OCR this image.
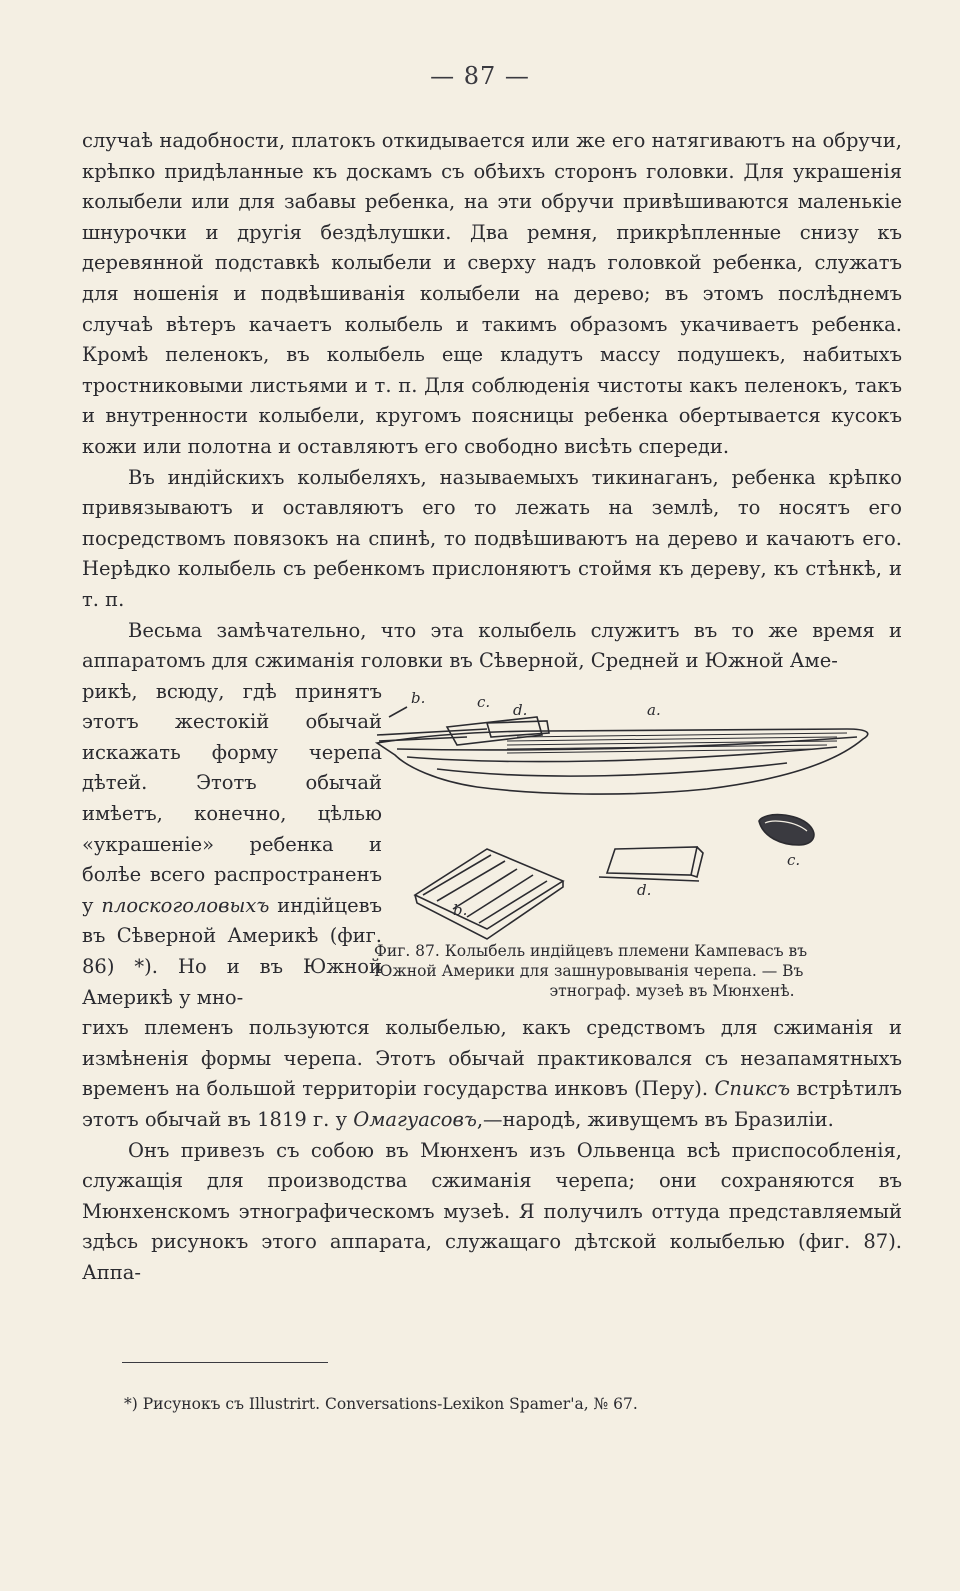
— 87 —

случаѣ надобности, платокъ откидывается или же его натягиваютъ на обручи, крѣпко придѣланные къ доскамъ съ обѣихъ сторонъ головки. Для украшенія колыбели или для забавы ребенка, на эти обручи привѣшиваются маленькіе шнурочки и другія бездѣлушки. Два ремня, прикрѣпленные снизу къ деревянной подставкѣ колыбели и сверху надъ головкой ребенка, служатъ для ношенія и подвѣшиванія колыбели на дерево; въ этомъ послѣднемъ случаѣ вѣтеръ качаетъ колыбель и такимъ образомъ укачиваетъ ребенка. Кромѣ пеленокъ, въ колыбель еще кладутъ массу подушекъ, набитыхъ тростниковыми листьями и т. п. Для соблюденія чистоты какъ пеленокъ, такъ и внутренности колыбели, кругомъ поясницы ребенка обертывается кусокъ кожи или полотна и оставляютъ его свободно висѣть спереди.

Въ индійскихъ колыбеляхъ, называемыхъ тикинаганъ, ребенка крѣпко привязываютъ и оставляютъ его то лежать на землѣ, то носятъ его посредствомъ повязокъ на спинѣ, то подвѣшиваютъ на дерево и качаютъ его. Нерѣдко колыбель съ ребенкомъ прислоняютъ стоймя къ дереву, къ стѣнкѣ, и т. п.

Весьма замѣчательно, что эта колыбель служитъ въ то же время и аппаратомъ для сжиманія головки въ Сѣверной, Средней и Южной Аме-

рикѣ, всюду, гдѣ принятъ этотъ жестокій обычай искажать форму черепа дѣтей. Этотъ обычай имѣетъ, конечно, цѣлью «украшеніе» ребенка и болѣе всего распространенъ у плоскоголовыхъ индійцевъ въ Сѣверной Америкѣ (фиг. 86) *). Но и въ Южной Америкѣ у мно-
b.	c. d.	a.
b.
d.
c.
Фиг. 87. Колыбель индійцевъ племени Кампевасъ въ
Южной Америки для зашнуровыванія черепа. — Въ
этнограф. музеѣ въ Мюнхенѣ.

гихъ племенъ пользуются колыбелью, какъ средствомъ для сжиманія и измѣненія формы черепа. Этотъ обычай практиковался съ незапамятныхъ временъ на большой территоріи государства инковъ (Перу). Спиксъ встрѣтилъ этотъ обычай въ 1819 г. у Омагуасовъ,—народѣ, живущемъ въ Бразиліи.

Онъ привезъ съ собою въ Мюнхенъ изъ Ольвенца всѣ приспособленія, служащія для производства сжиманія черепа; они сохраняются въ Мюнхенскомъ этнографическомъ музеѣ. Я получилъ оттуда представляемый здѣсь рисунокъ этого аппарата, служащаго дѣтской колыбелью (фиг. 87). Аппа-

*) Рисунокъ съ Illustrirt. Conversations-Lexikon Spamer'a, № 67.
